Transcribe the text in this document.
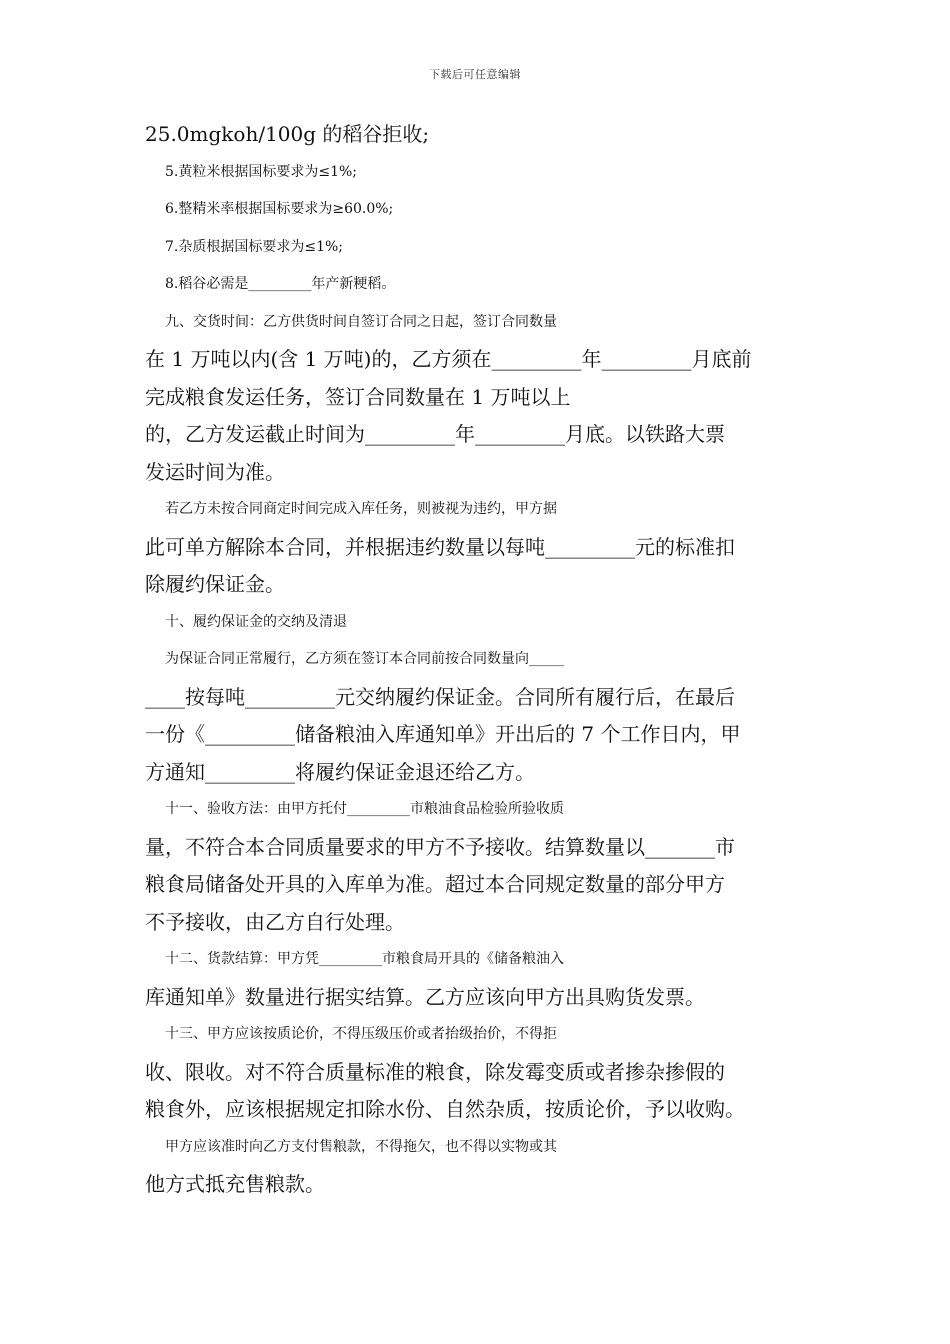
下载后可任意编辑
25.0mgkoh/100g 的稻谷拒收;
5.黄粒米根据国标要求为≤1%;
6.整精米率根据国标要求为≥60.0%;
7.杂质根据国标要求为≤1%;
8.稻谷必需是_________年产新粳稻。
九、交货时间：乙方供货时间自签订合同之日起，签订合同数量
在 1 万吨以内(含 1 万吨)的，乙方须在_________年_________月底前
完成粮食发运任务，签订合同数量在 1 万吨以上
的，乙方发运截止时间为_________年_________月底。以铁路大票
发运时间为准。
若乙方未按合同商定时间完成入库任务，则被视为违约，甲方据
此可单方解除本合同，并根据违约数量以每吨_________元的标准扣
除履约保证金。
十、履约保证金的交纳及清退
为保证合同正常履行，乙方须在签订本合同前按合同数量向_____
____按每吨_________元交纳履约保证金。合同所有履行后，在最后
一份《_________储备粮油入库通知单》开出后的 7 个工作日内，甲
方通知_________将履约保证金退还给乙方。
十一、验收方法：由甲方托付_________市粮油食品检验所验收质
量，不符合本合同质量要求的甲方不予接收。结算数量以_______市
粮食局储备处开具的入库单为准。超过本合同规定数量的部分甲方
不予接收，由乙方自行处理。
十二、货款结算：甲方凭_________市粮食局开具的《储备粮油入
库通知单》数量进行据实结算。乙方应该向甲方出具购货发票。
十三、甲方应该按质论价，不得压级压价或者抬级抬价，不得拒
收、限收。对不符合质量标准的粮食，除发霉变质或者掺杂掺假的
粮食外，应该根据规定扣除水份、自然杂质，按质论价，予以收购。
甲方应该准时向乙方支付售粮款，不得拖欠，也不得以实物或其
他方式抵充售粮款。
